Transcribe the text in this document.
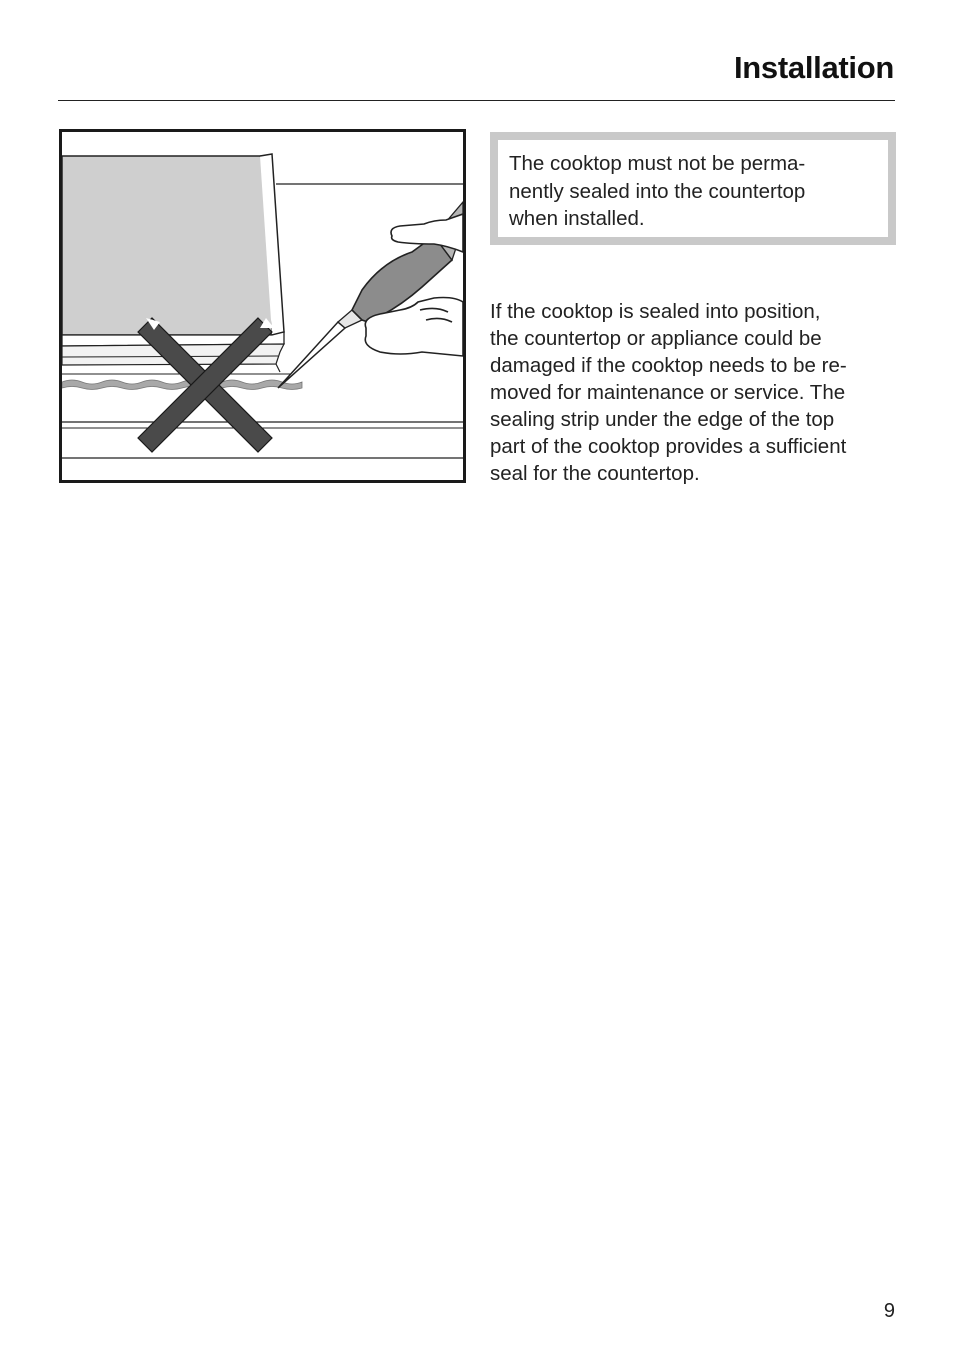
Installation
The cooktop must not be perma-
nently sealed into the countertop
when installed.
If the cooktop is sealed into position,
the countertop or appliance could be
damaged if the cooktop needs to be re-
moved for maintenance or service. The
sealing strip under the edge of the top
part of the cooktop provides a sufficient
seal for the countertop.
9
